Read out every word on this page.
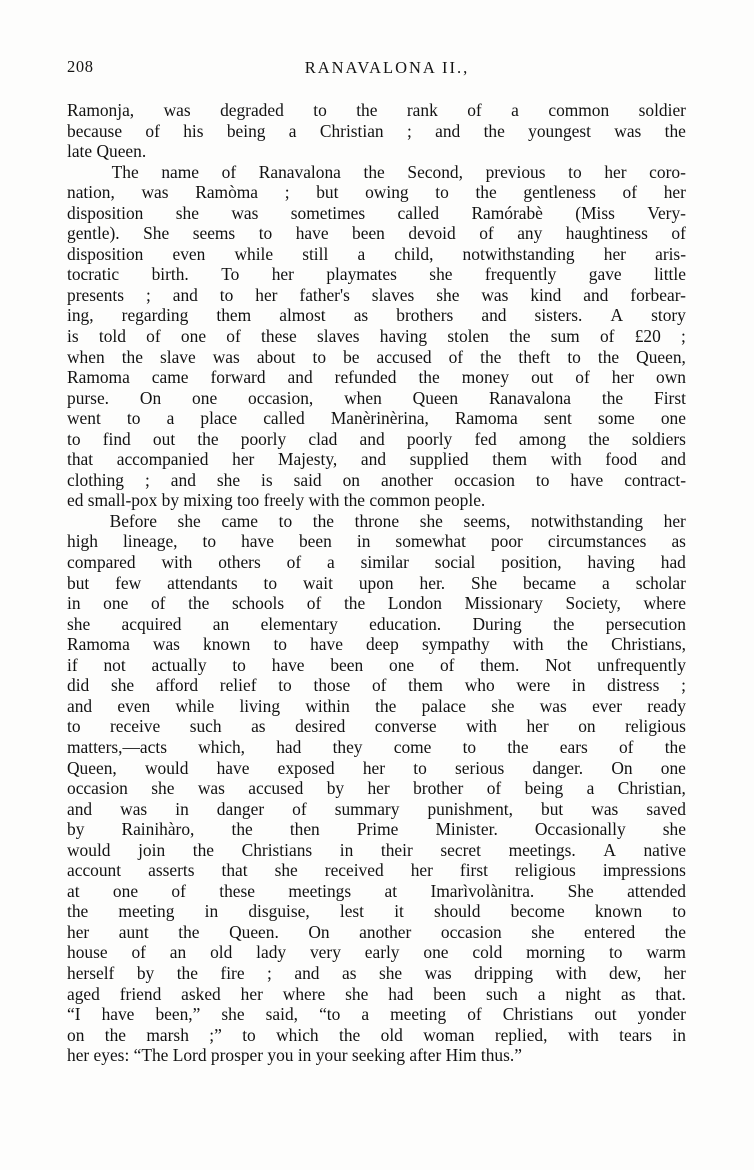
208	RANAVALONA II.,
Ramonja, was degraded to the rank of a common soldier
because of his being a Christian ; and the youngest was the
late Queen.
The name of Ranavalona the Second, previous to her coro-
nation, was Ramòma ; but owing to the gentleness of her
disposition she was sometimes called Ramórabè (Miss Very-
gentle). She seems to have been devoid of any haughtiness of
disposition even while still a child, notwithstanding her aris-
tocratic birth. To her playmates she frequently gave little
presents ; and to her father's slaves she was kind and forbear-
ing, regarding them almost as brothers and sisters. A story
is told of one of these slaves having stolen the sum of £20 ;
when the slave was about to be accused of the theft to the Queen,
Ramoma came forward and refunded the money out of her own
purse. On one occasion, when Queen Ranavalona the First
went to a place called Manèrinèrina, Ramoma sent some one
to find out the poorly clad and poorly fed among the soldiers
that accompanied her Majesty, and supplied them with food and
clothing ; and she is said on another occasion to have contract-
ed small-pox by mixing too freely with the common people.
Before she came to the throne she seems, notwithstanding her
high lineage, to have been in somewhat poor circumstances as
compared with others of a similar social position, having had
but few attendants to wait upon her. She became a scholar
in one of the schools of the London Missionary Society, where
she acquired an elementary education. During the persecution
Ramoma was known to have deep sympathy with the Christians,
if not actually to have been one of them. Not unfrequently
did she afford relief to those of them who were in distress ;
and even while living within the palace she was ever ready
to receive such as desired converse with her on religious
matters,—acts which, had they come to the ears of the
Queen, would have exposed her to serious danger. On one
occasion she was accused by her brother of being a Christian,
and was in danger of summary punishment, but was saved
by Rainihàro, the then Prime Minister. Occasionally she
would join the Christians in their secret meetings. A native
account asserts that she received her first religious impressions
at one of these meetings at Imarìvolànitra. She attended
the meeting in disguise, lest it should become known to
her aunt the Queen. On another occasion she entered the
house of an old lady very early one cold morning to warm
herself by the fire ; and as she was dripping with dew, her
aged friend asked her where she had been such a night as that.
“I have been,” she said, “to a meeting of Christians out yonder
on the marsh ;” to which the old woman replied, with tears in
her eyes: “The Lord prosper you in your seeking after Him thus.”
